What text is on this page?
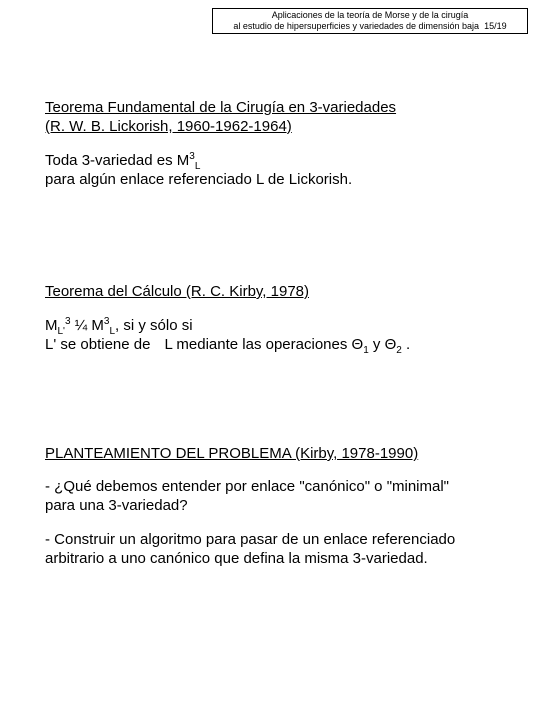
Aplicaciones de la teoría de Morse y de la cirugía
al estudio de hipersuperficies y variedades de dimensión baja 15/19
Teorema Fundamental de la Cirugía en 3-variedades
(R. W. B. Lickorish, 1960-1962-1964)
Toda 3-variedad es $M^3_L$
para algún enlace referenciado L de Lickorish.
Teorema del Cálculo (R. C. Kirby, 1978)
$M_{L'}^3$ ¼ $M^3_L$, si y sólo si
L' se obtiene de L mediante las operaciones $\Theta_1$ y $\Theta_2$ .
PLANTEAMIENTO DEL PROBLEMA (Kirby, 1978-1990)
- ¿Qué debemos entender por enlace "canónico" o "minimal"
para una 3-variedad?
- Construir un algoritmo para pasar de un enlace referenciado
arbitrario a uno canónico que defina la misma 3-variedad.
